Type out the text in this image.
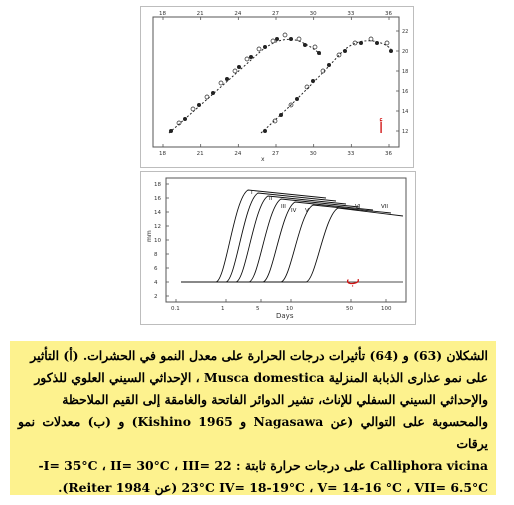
18	21	24	27	30	33	36
18	21	24	27	30	33	36
22
20
18
16
14
12
أ
x
18
16
14
12
10
8
6
4
2
0.1	1	5	10	50	100
I
II
III
IV V
VI	VII
mm
Days
ب

الشكلان (63) و (64) تأثيرات درجات الحرارة على معدل النمو في الحشرات. (أ) التأثير

على نمو عذارى الذبابة المنزلية Musca domestica ، الإحداثي السيني العلوي للذكور

والإحداثي السيني السفلي للإناث، تشير الدوائر الفاتحة والغامقة إلى القيم الملاحظة

والمحسوبة على التوالي (عن Nagasawa و Kishino 1965) و (ب) معدلات نمو يرقات

Calliphora vicina على درجات حرارة ثابتة : I= 35°C ، II= 30°C ، III= 22-

23°C IV= 18-19°C ، V= 14-16 °C ، VII= 6.5°C (عن Reiter 1984).
